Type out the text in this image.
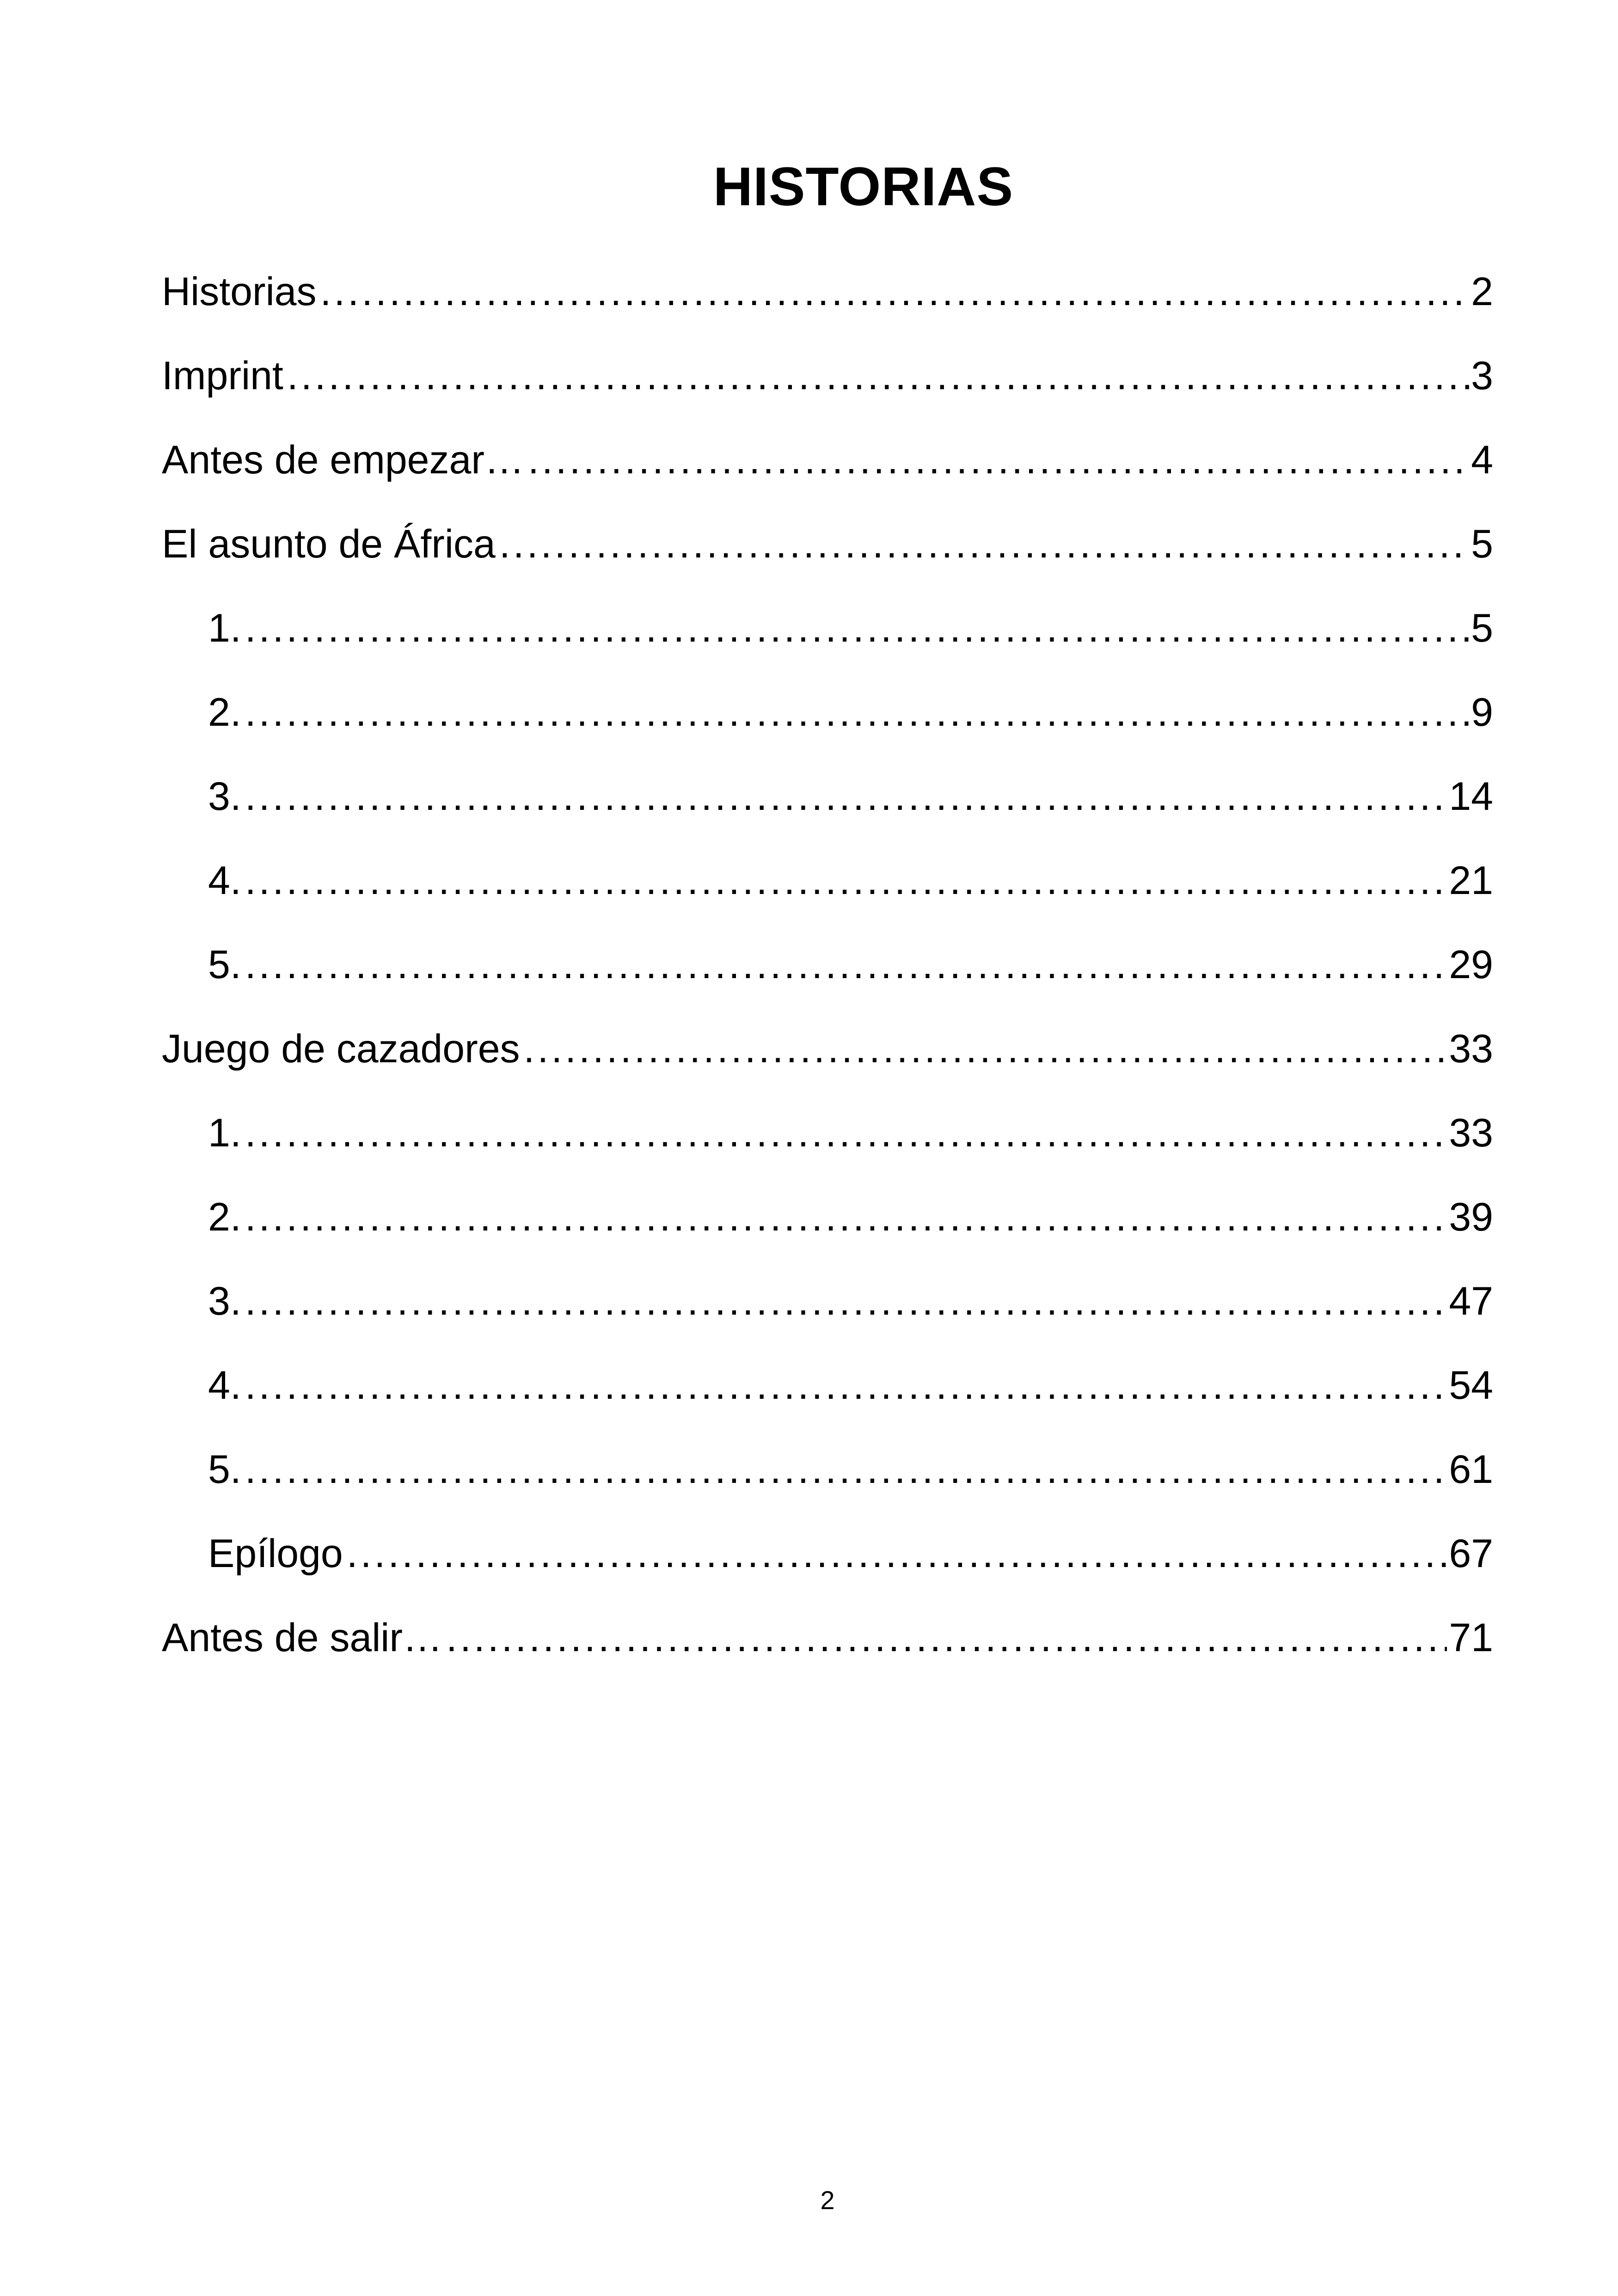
HISTORIAS
Historias .....	2
Imprint .....	3
Antes de empezar… .....	4
El asunto de África .....	5
1. .....	5
2. .....	9
3. .....	14
4. .....	21
5. .....	29
Juego de cazadores .....	33
1. .....	33
2. .....	39
3. .....	47
4. .....	54
5. .....	61
Epílogo .....	67
Antes de salir… .....	71
2
